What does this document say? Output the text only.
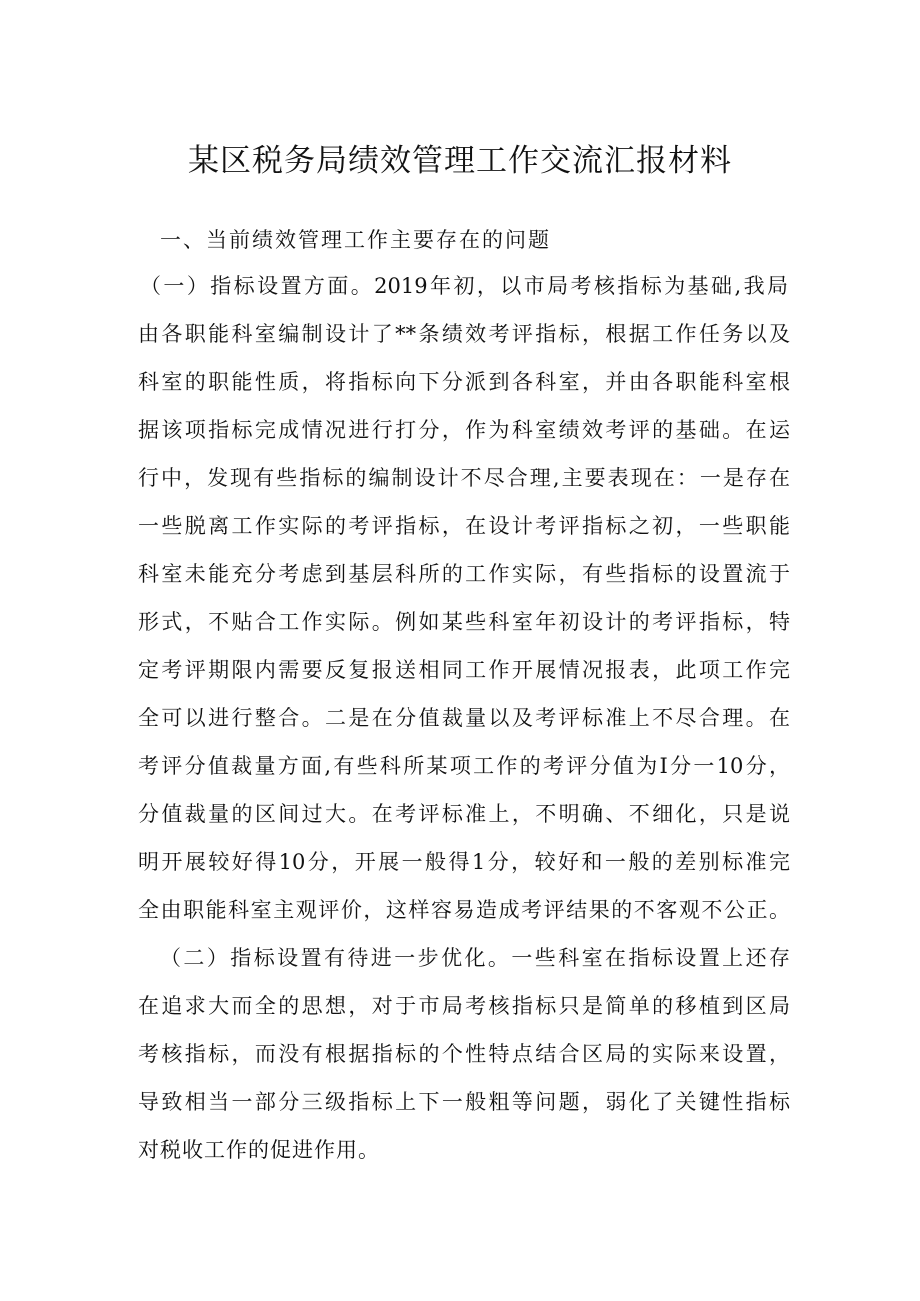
某区税务局绩效管理工作交流汇报材料
一、当前绩效管理工作主要存在的问题
（一）指标设置方面。2019年初，以市局考核指标为基础,我局
由各职能科室编制设计了**条绩效考评指标，根据工作任务以及
科室的职能性质，将指标向下分派到各科室，并由各职能科室根
据该项指标完成情况进行打分，作为科室绩效考评的基础。在运
行中，发现有些指标的编制设计不尽合理,主要表现在：一是存在
一些脱离工作实际的考评指标，在设计考评指标之初，一些职能
科室未能充分考虑到基层科所的工作实际，有些指标的设置流于
形式，不贴合工作实际。例如某些科室年初设计的考评指标，特
定考评期限内需要反复报送相同工作开展情况报表，此项工作完
全可以进行整合。二是在分值裁量以及考评标准上不尽合理。在
考评分值裁量方面,有些科所某项工作的考评分值为I分一10分，
分值裁量的区间过大。在考评标准上，不明确、不细化，只是说
明开展较好得10分，开展一般得1分，较好和一般的差别标准完
全由职能科室主观评价，这样容易造成考评结果的不客观不公正。
（二）指标设置有待进一步优化。一些科室在指标设置上还存
在追求大而全的思想，对于市局考核指标只是简单的移植到区局
考核指标，而没有根据指标的个性特点结合区局的实际来设置，
导致相当一部分三级指标上下一般粗等问题，弱化了关键性指标
对税收工作的促进作用。
